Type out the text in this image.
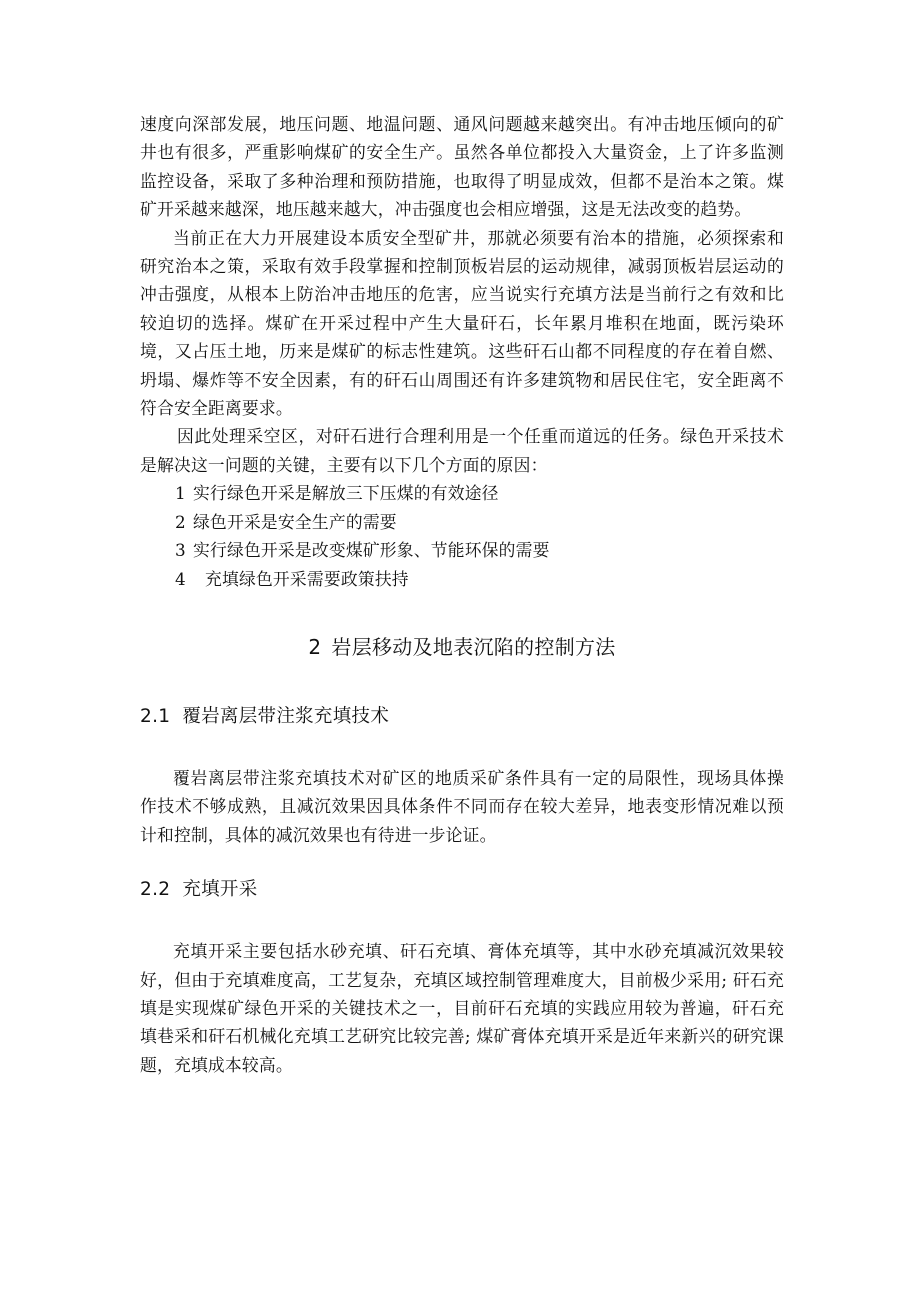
速度向深部发展，地压问题、地温问题、通风问题越来越突出。有冲击地压倾向的矿井也有很多，严重影响煤矿的安全生产。虽然各单位都投入大量资金，上了许多监测监控设备，采取了多种治理和预防措施，也取得了明显成效，但都不是治本之策。煤矿开采越来越深，地压越来越大，冲击强度也会相应增强，这是无法改变的趋势。

当前正在大力开展建设本质安全型矿井，那就必须要有治本的措施，必须探索和研究治本之策，采取有效手段掌握和控制顶板岩层的运动规律，减弱顶板岩层运动的冲击强度，从根本上防治冲击地压的危害，应当说实行充填方法是当前行之有效和比较迫切的选择。煤矿在开采过程中产生大量矸石，长年累月堆积在地面，既污染环境，又占压土地，历来是煤矿的标志性建筑。这些矸石山都不同程度的存在着自燃、坍塌、爆炸等不安全因素，有的矸石山周围还有许多建筑物和居民住宅，安全距离不符合安全距离要求。

因此处理采空区，对矸石进行合理利用是一个任重而道远的任务。绿色开采技术是解决这一问题的关键，主要有以下几个方面的原因：

1 实行绿色开采是解放三下压煤的有效途径
2 绿色开采是安全生产的需要
3 实行绿色开采是改变煤矿形象、节能环保的需要
4 充填绿色开采需要政策扶持
2 岩层移动及地表沉陷的控制方法
2.1 覆岩离层带注浆充填技术

覆岩离层带注浆充填技术对矿区的地质采矿条件具有一定的局限性，现场具体操作技术不够成熟，且减沉效果因具体条件不同而存在较大差异，地表变形情况难以预计和控制，具体的减沉效果也有待进一步论证。

2.2 充填开采

充填开采主要包括水砂充填、矸石充填、膏体充填等，其中水砂充填减沉效果较好，但由于充填难度高，工艺复杂，充填区域控制管理难度大，目前极少采用; 矸石充填是实现煤矿绿色开采的关键技术之一，目前矸石充填的实践应用较为普遍，矸石充填巷采和矸石机械化充填工艺研究比较完善; 煤矿膏体充填开采是近年来新兴的研究课题，充填成本较高。
